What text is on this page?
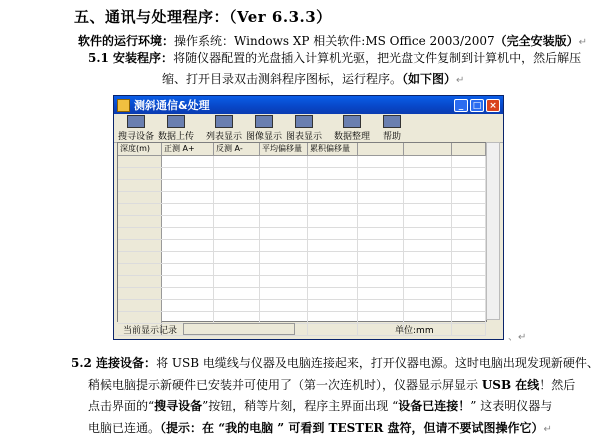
五、通讯与处理程序：（Ver 6.3.3）
软件的运行环境：操作系统：Windows XP 相关软件:MS Office 2003/2007（完全安装版）↵
5.1 安装程序：将随仪器配置的光盘插入计算机光驱，把光盘文件复制到计算机中，然后解压
缩、打开目录双击测斜程序图标，运行程序。（如下图）↵
测斜通信&处理	_	□ ×
搜寻设备 数据上传 列表显示 图像显示 图表显示 数据整理 帮助
深度(m)	正测 A+	反测 A-	平均偏移量	累积偏移量
当前显示记录	单位:mm
、↵
5.2 连接设备：将 USB 电缆线与仪器及电脑连接起来，打开仪器电源。这时电脑出现发现新硬件、
稍候电脑提示新硬件已安装并可使用了（第一次连机时），仪器显示屏显示 USB 在线！然后
点击界面的“搜寻设备”按钮，稍等片刻，程序主界面出现 “设备已连接！” 这表明仪器与
电脑已连通。（提示：在 “我的电脑 ” 可看到 TESTER 盘符，但请不要试图操作它）↵
